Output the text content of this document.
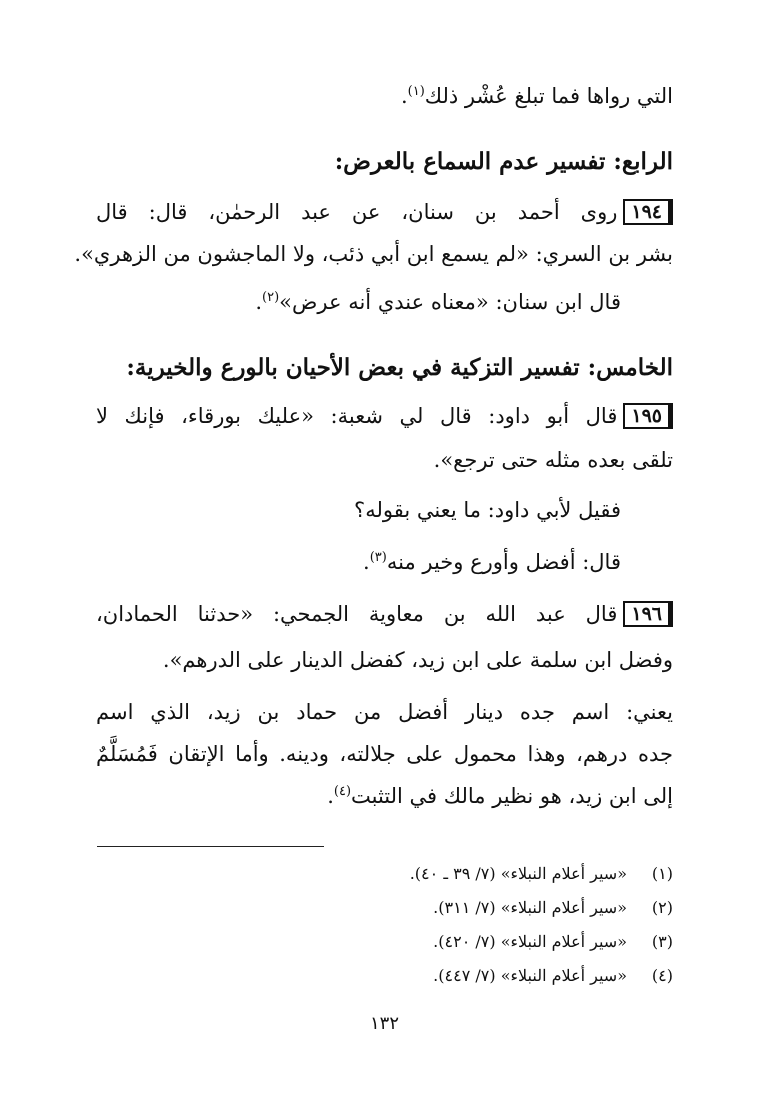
التي رواها فما تبلغ عُشْر ذلك$^{(١)}$.
الرابع: تفسير عدم السماع بالعرض:
١٩٤روى أحمد بن سنان، عن عبد الرحمٰن، قال: قال
بشر بن السري: «لم يسمع ابن أبي ذئب، ولا الماجشون من الزهري».
قال ابن سنان: «معناه عندي أنه عرض»$^{(٢)}$.
الخامس: تفسير التزكية في بعض الأحيان بالورع والخيرية:
١٩٥قال أبو داود: قال لي شعبة: «عليك بورقاء، فإنك لا
تلقى بعده مثله حتى ترجع».
فقيل لأبي داود: ما يعني بقوله؟
قال: أفضل وأورع وخير منه$^{(٣)}$.
١٩٦قال عبد الله بن معاوية الجمحي: «حدثنا الحمادان،
وفضل ابن سلمة على ابن زيد، كفضل الدينار على الدرهم».
يعني: اسم جده دينار أفضل من حماد بن زيد، الذي اسم
جده درهم، وهذا محمول على جلالته، ودينه. وأما الإتقان فَمُسَلَّمٌ
إلى ابن زيد، هو نظير مالك في التثبت$^{(٤)}$.
(١)«سير أعلام النبلاء» (٧/ ٣٩ ـ ٤٠).
(٢)«سير أعلام النبلاء» (٧/ ٣١١).
(٣)«سير أعلام النبلاء» (٧/ ٤٢٠).
(٤)«سير أعلام النبلاء» (٧/ ٤٤٧).
١٣٢
